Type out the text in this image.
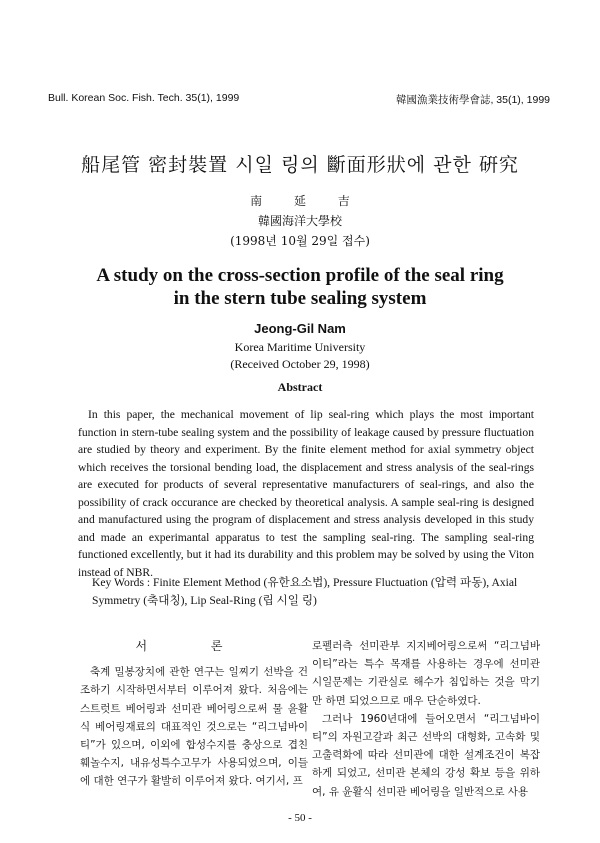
Bull. Korean Soc. Fish. Tech. 35(1), 1999	韓國漁業技術學會誌, 35(1), 1999
船尾管 密封裝置 시일 링의 斷面形狀에 관한 硏究
南 延 吉
韓國海洋大學校
(1998년 10월 29일 접수)
A study on the cross-section profile of the seal ring
in the stern tube sealing system
Jeong-Gil Nam
Korea Maritime University
(Received October 29, 1998)
Abstract
In this paper, the mechanical movement of lip seal-ring which plays the most important function in stern-tube sealing system and the possibility of leakage caused by pressure fluctuation are studied by theory and experiment. By the finite element method for axial symmetry object which receives the torsional bending load, the displacement and stress analysis of the seal-rings are executed for products of several representative manufacturers of seal-rings, and also the possibility of crack occurance are checked by theoretical analysis. A sample seal-ring is designed and manufactured using the program of displacement and stress analysis developed in this study and made an experimantal apparatus to test the sampling seal-ring. The sampling seal-ring functioned excellently, but it had its durability and this problem may be solved by using the Viton instead of NBR.
Key Words : Finite Element Method (유한요소법), Pressure Fluctuation (압력 파동), Axial Symmetry (축대칭), Lip Seal-Ring (립 시일 링)
서 론

축계 밀봉장치에 관한 연구는 일찌기 선박을 건조하기 시작하면서부터 이루어져 왔다. 처음에는 스트럿트 베어링과 선미관 베어링으로써 물 윤활식 베어링재료의 대표적인 것으로는 “리그넘바이티”가 있으며, 이외에 합성수지를 충상으로 겹친 훼놀수지, 내유성특수고무가 사용되었으며, 이들에 대한 연구가 활발히 이루어져 왔다. 여기서, 프

로펠러측 선미관부 지지베어링으로써 “리그넘바이티”라는 특수 목재를 사용하는 경우에 선미관 시일문제는 기관실로 해수가 침입하는 것을 막기만 하면 되었으므로 매우 단순하였다.

그러나 1960년대에 들어오면서 “리그넘바이티”의 자원고갈과 최근 선박의 대형화, 고속화 및 고출력화에 따라 선미관에 대한 설계조건이 복잡하게 되었고, 선미관 본체의 강성 확보 등을 위하여, 유 윤활식 선미관 베어링을 일반적으로 사용

- 50 -
